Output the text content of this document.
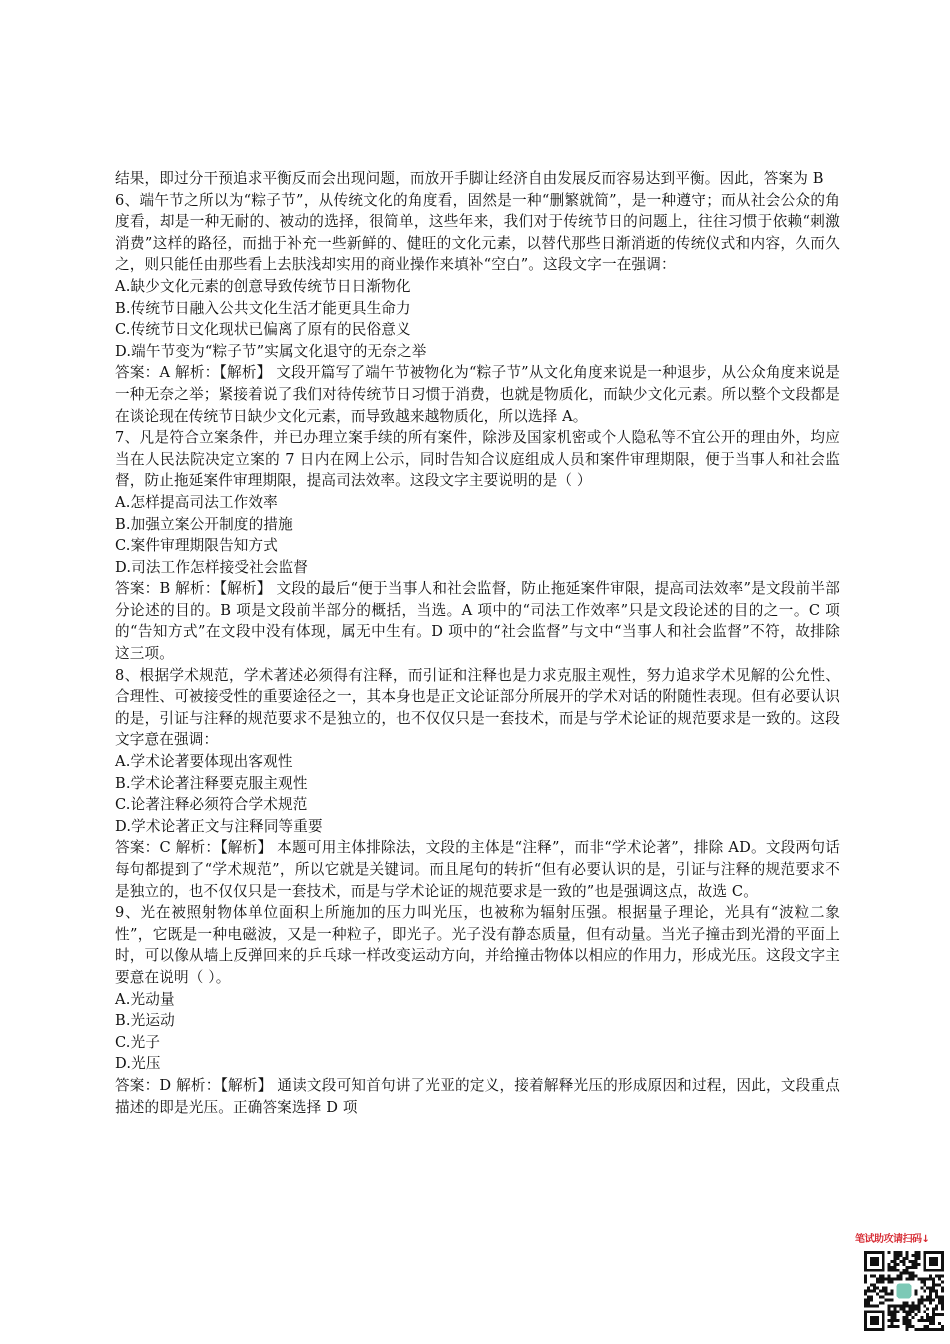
结果，即过分干预追求平衡反而会出现问题，而放开手脚让经济自由发展反而容易达到平衡。因此，答案为 B

6、端午节之所以为“粽子节”，从传统文化的角度看，固然是一种“删繁就简”，是一种遵守；而从社会公众的角度看，却是一种无耐的、被动的选择，很简单，这些年来，我们对于传统节日的问题上，往往习惯于依赖“刺激消费”这样的路径，而拙于补充一些新鲜的、健旺的文化元素，以替代那些日渐消逝的传统仪式和内容，久而久之，则只能任由那些看上去肤浅却实用的商业操作来填补“空白”。这段文字一在强调：

A.缺少文化元素的创意导致传统节日日渐物化

B.传统节日融入公共文化生活才能更具生命力

C.传统节日文化现状已偏离了原有的民俗意义

D.端午节变为“粽子节”实属文化退守的无奈之举

答案：A 解析：【解析】 文段开篇写了端午节被物化为“粽子节”从文化角度来说是一种退步，从公众角度来说是一种无奈之举；紧接着说了我们对待传统节日习惯于消费，也就是物质化，而缺少文化元素。所以整个文段都是在谈论现在传统节日缺少文化元素，而导致越来越物质化，所以选择 A。

7、凡是符合立案条件，并已办理立案手续的所有案件，除涉及国家机密或个人隐私等不宜公开的理由外，均应当在人民法院决定立案的 7 日内在网上公示，同时告知合议庭组成人员和案件审理期限，便于当事人和社会监督，防止拖延案件审理期限，提高司法效率。这段文字主要说明的是（ ）

A.怎样提高司法工作效率

B.加强立案公开制度的措施

C.案件审理期限告知方式

D.司法工作怎样接受社会监督

答案：B 解析：【解析】 文段的最后“便于当事人和社会监督，防止拖延案件审限，提高司法效率”是文段前半部分论述的目的。B 项是文段前半部分的概括，当选。A 项中的“司法工作效率”只是文段论述的目的之一。C 项的“告知方式”在文段中没有体现，属无中生有。D 项中的“社会监督”与文中“当事人和社会监督”不符，故排除这三项。

8、根据学术规范，学术著述必须得有注释，而引证和注释也是力求克服主观性，努力追求学术见解的公允性、合理性、可被接受性的重要途径之一，其本身也是正文论证部分所展开的学术对话的附随性表现。但有必要认识的是，引证与注释的规范要求不是独立的，也不仅仅只是一套技术，而是与学术论证的规范要求是一致的。这段文字意在强调：

A.学术论著要体现出客观性

B.学术论著注释要克服主观性

C.论著注释必须符合学术规范

D.学术论著正文与注释同等重要

答案：C 解析：【解析】 本题可用主体排除法，文段的主体是“注释”，而非“学术论著”，排除 AD。文段两句话每句都提到了“学术规范”，所以它就是关键词。而且尾句的转折“但有必要认识的是，引证与注释的规范要求不是独立的，也不仅仅只是一套技术，而是与学术论证的规范要求是一致的”也是强调这点，故选 C。

9、光在被照射物体单位面积上所施加的压力叫光压，也被称为辐射压强。根据量子理论，光具有“波粒二象性”，它既是一种电磁波，又是一种粒子，即光子。光子没有静态质量，但有动量。当光子撞击到光滑的平面上时，可以像从墙上反弹回来的乒乓球一样改变运动方向，并给撞击物体以相应的作用力，形成光压。这段文字主要意在说明（ ）。

A.光动量

B.光运动

C.光子

D.光压

答案：D 解析：【解析】 通读文段可知首句讲了光亚的定义，接着解释光压的形成原因和过程，因此，文段重点描述的即是光压。正确答案选择 D 项

笔试助攻请扫码↓
